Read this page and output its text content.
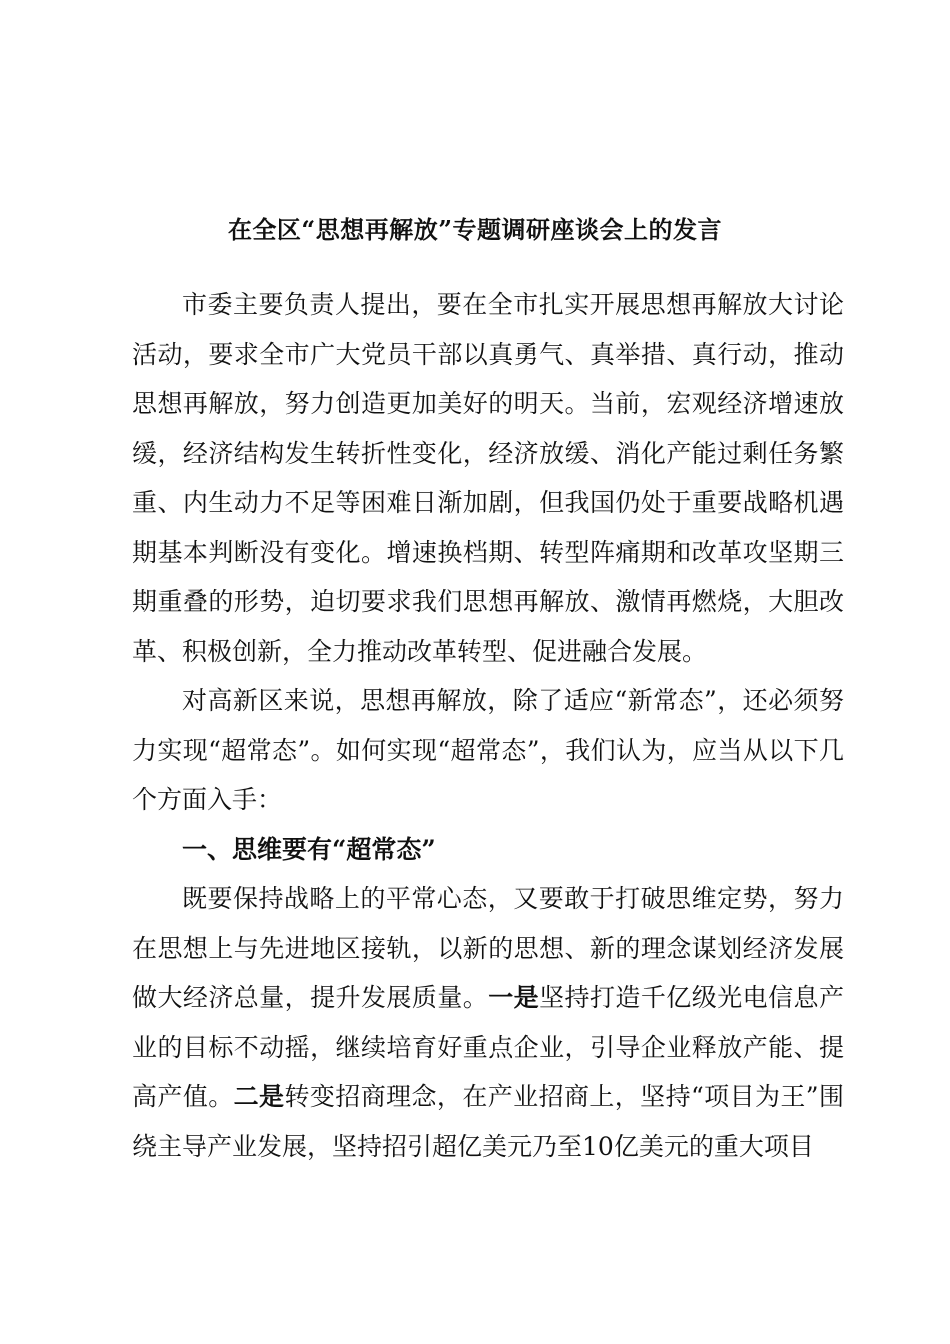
在全区“思想再解放”专题调研座谈会上的发言

市委主要负责人提出，要在全市扎实开展思想再解放大讨论活动，要求全市广大党员干部以真勇气、真举措、真行动，推动思想再解放，努力创造更加美好的明天。当前，宏观经济增速放缓，经济结构发生转折性变化，经济放缓、消化产能过剩任务繁重、内生动力不足等困难日渐加剧，但我国仍处于重要战略机遇期基本判断没有变化。增速换档期、转型阵痛期和改革攻坚期三期重叠的形势，迫切要求我们思想再解放、激情再燃烧，大胆改革、积极创新，全力推动改革转型、促进融合发展。

对高新区来说，思想再解放，除了适应“新常态”，还必须努力实现“超常态”。如何实现“超常态”，我们认为，应当从以下几个方面入手：

一、思维要有“超常态”

既要保持战略上的平常心态，又要敢于打破思维定势，努力在思想上与先进地区接轨，以新的思想、新的理念谋划经济发展做大经济总量，提升发展质量。一是坚持打造千亿级光电信息产业的目标不动摇，继续培育好重点企业，引导企业释放产能、提高产值。二是转变招商理念，在产业招商上，坚持“项目为王”围绕主导产业发展，坚持招引超亿美元乃至10亿美元的重大项目
